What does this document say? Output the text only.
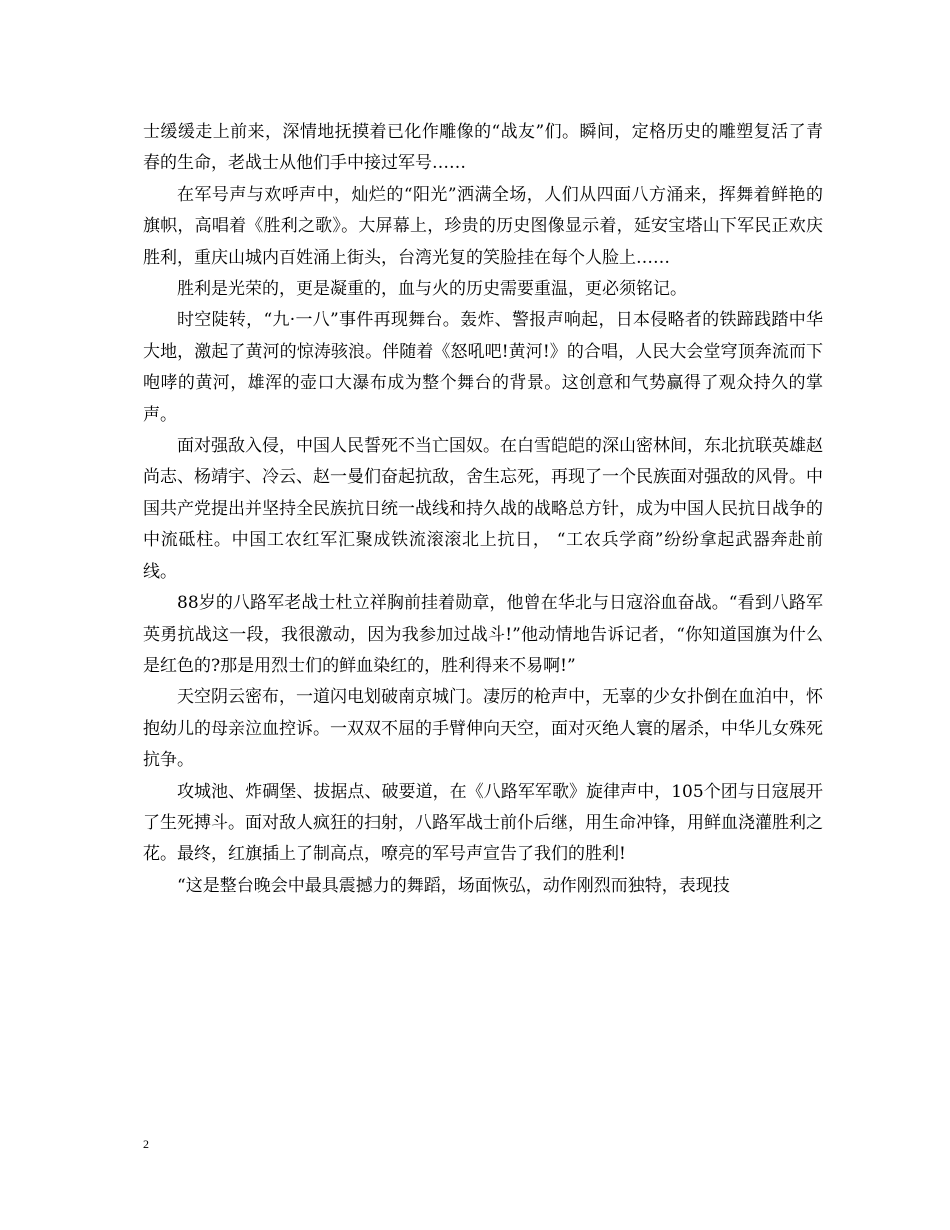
士缓缓走上前来，深情地抚摸着已化作雕像的“战友”们。瞬间，定格历史的雕塑复活了青春的生命，老战士从他们手中接过军号……

在军号声与欢呼声中，灿烂的“阳光”洒满全场，人们从四面八方涌来，挥舞着鲜艳的旗帜，高唱着《胜利之歌》。大屏幕上，珍贵的历史图像显示着，延安宝塔山下军民正欢庆胜利，重庆山城内百姓涌上街头，台湾光复的笑脸挂在每个人脸上……

胜利是光荣的，更是凝重的，血与火的历史需要重温，更必须铭记。

时空陡转，“九·一八”事件再现舞台。轰炸、警报声响起，日本侵略者的铁蹄践踏中华大地，激起了黄河的惊涛骇浪。伴随着《怒吼吧!黄河!》的合唱，人民大会堂穹顶奔流而下咆哮的黄河，雄浑的壶口大瀑布成为整个舞台的背景。这创意和气势赢得了观众持久的掌声。

面对强敌入侵，中国人民誓死不当亡国奴。在白雪皑皑的深山密林间，东北抗联英雄赵尚志、杨靖宇、冷云、赵一曼们奋起抗敌，舍生忘死，再现了一个民族面对强敌的风骨。中国共产党提出并坚持全民族抗日统一战线和持久战的战略总方针，成为中国人民抗日战争的中流砥柱。中国工农红军汇聚成铁流滚滚北上抗日， “工农兵学商”纷纷拿起武器奔赴前线。

88岁的八路军老战士杜立祥胸前挂着勋章，他曾在华北与日寇浴血奋战。“看到八路军英勇抗战这一段，我很激动，因为我参加过战斗!”他动情地告诉记者，“你知道国旗为什么是红色的?那是用烈士们的鲜血染红的，胜利得来不易啊!”

天空阴云密布，一道闪电划破南京城门。凄厉的枪声中，无辜的少女扑倒在血泊中，怀抱幼儿的母亲泣血控诉。一双双不屈的手臂伸向天空，面对灭绝人寰的屠杀，中华儿女殊死抗争。

攻城池、炸碉堡、拔据点、破要道，在《八路军军歌》旋律声中，105个团与日寇展开了生死搏斗。面对敌人疯狂的扫射，八路军战士前仆后继，用生命冲锋，用鲜血浇灌胜利之花。最终，红旗插上了制高点，嘹亮的军号声宣告了我们的胜利!

“这是整台晚会中最具震撼力的舞蹈，场面恢弘，动作刚烈而独特，表现技

2
